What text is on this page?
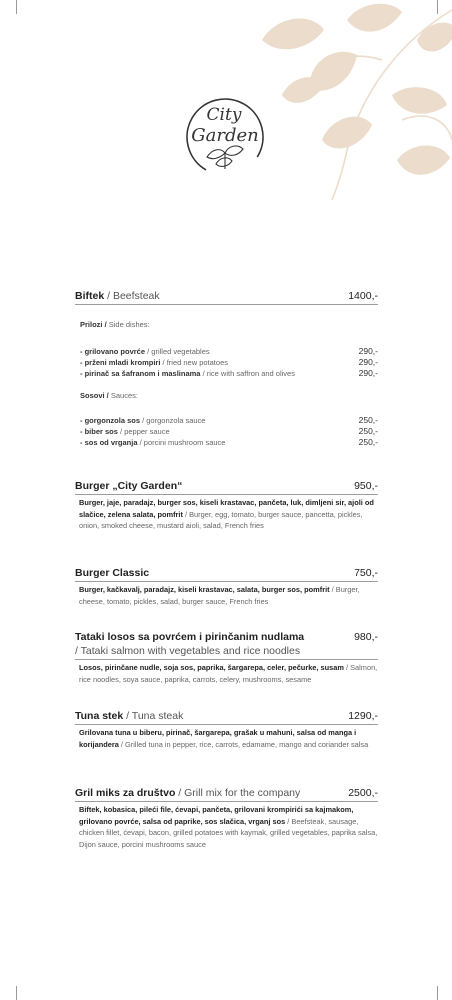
City
Garden
Biftek / Beefsteak	1400,-
Prilozi / Side dishes:
- grilovano povrće / grilled vegetables	290,-
- prženi mladi krompiri / fried new potatoes	290,-
- pirinač sa šafranom i maslinama / rice with saffron and olives	290,-
Sosovi / Sauces:
- gorgonzola sos / gorgonzola sauce	250,-
- biber sos / pepper sauce	250,-
- sos od vrganja / porcini mushroom sauce	250,-
Burger „City Garden“	950,-
Burger, jaje, paradajz, burger sos, kiseli krastavac, pančeta, luk, dimljeni sir, ajoli od slačice, zelena salata, pomfrit / Burger, egg, tomato, burger sauce, pancetta, pickles, onion, smoked cheese, mustard aioli, salad, French fries
Burger Classic	750,-
Burger, kačkavalj, paradajz, kiseli krastavac, salata, burger sos, pomfrit / Burger, cheese, tomato, pickles, salad, burger sauce, French fries
Tataki losos sa povrćem i pirinčanim nudlama	980,-
/ Tataki salmon with vegetables and rice noodles
Losos, pirinčane nudle, soja sos, paprika, šargarepa, celer, pečurke, susam / Salmon, rice noodles, soya sauce, paprika, carrots, celery, mushrooms, sesame
Tuna stek / Tuna steak	1290,-
Grilovana tuna u biberu, pirinač, šargarepa, grašak u mahuni, salsa od manga i korijandera / Grilled tuna in pepper, rice, carrots, edamame, mango and coriander salsa
Gril miks za društvo / Grill mix for the company	2500,-
Biftek, kobasica, pileći file, ćevapi, pančeta, grilovani krompirići sa kajmakom, grilovano povrće, salsa od paprike, sos slačica, vrganj sos / Beefsteak, sausage, chicken fillet, ćevapi, bacon, grilled potatoes with kaymak, grilled vegetables, paprika salsa, Dijon sauce, porcini mushrooms sauce
